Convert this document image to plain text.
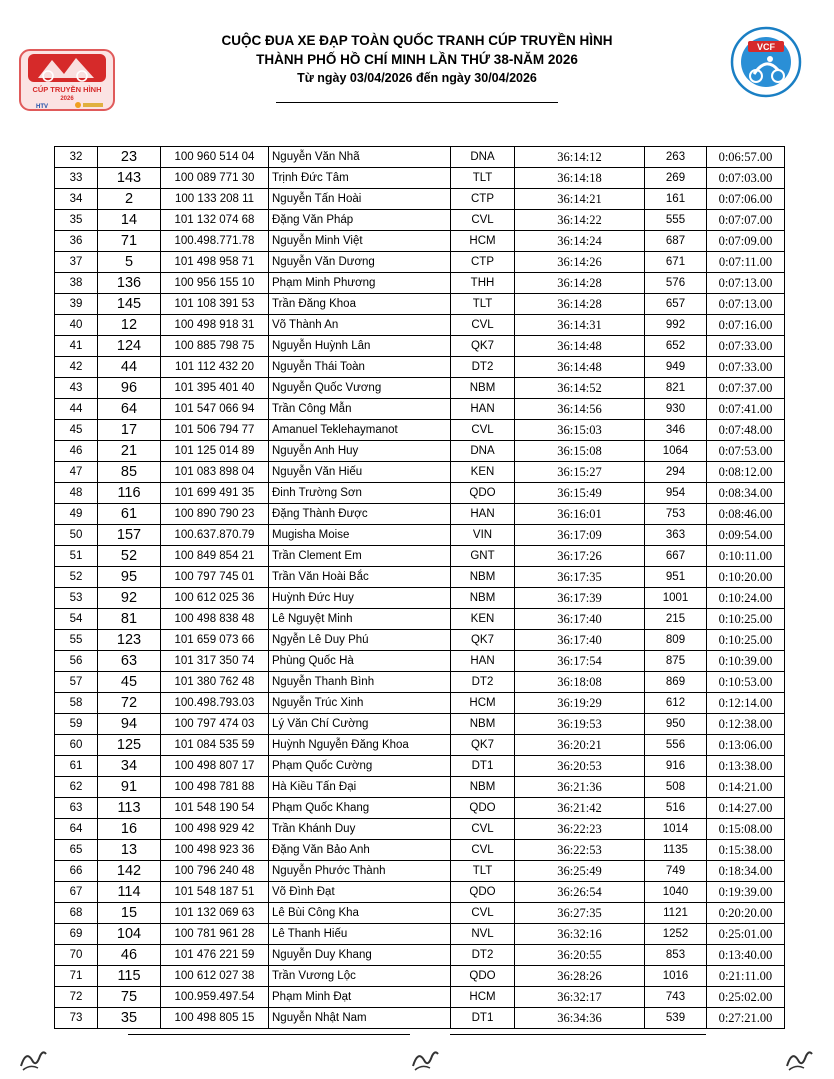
CÚP TRUYỀN HÌNH
2026
HTV
CUỘC ĐUA XE ĐẠP TOÀN QUỐC TRANH CÚP TRUYỀN HÌNH
THÀNH PHỐ HỒ CHÍ MINH LẦN THỨ 38-NĂM 2026
Từ ngày 03/04/2026 đến ngày 30/04/2026
VCF
32	23	100 960 514 04	Nguyễn Văn Nhã	DNA	36:14:12	263	0:06:57.00
33	143	100 089 771 30	Trịnh Đức Tâm	TLT	36:14:18	269	0:07:03.00
34	2	100 133 208 11	Nguyễn Tấn Hoài	CTP	36:14:21	161	0:07:06.00
35	14	101 132 074 68	Đặng Văn Pháp	CVL	36:14:22	555	0:07:07.00
36	71	100.498.771.78	Nguyễn Minh Việt	HCM	36:14:24	687	0:07:09.00
37	5	101 498 958 71	Nguyễn Văn Dương	CTP	36:14:26	671	0:07:11.00
38	136	100 956 155 10	Phạm Minh Phương	THH	36:14:28	576	0:07:13.00
39	145	101 108 391 53	Trần Đăng Khoa	TLT	36:14:28	657	0:07:13.00
40	12	100 498 918 31	Võ Thành An	CVL	36:14:31	992	0:07:16.00
41	124	100 885 798 75	Nguyễn Huỳnh Lân	QK7	36:14:48	652	0:07:33.00
42	44	101 112 432 20	Nguyễn Thái Toàn	DT2	36:14:48	949	0:07:33.00
43	96	101 395 401 40	Nguyễn Quốc Vương	NBM	36:14:52	821	0:07:37.00
44	64	101 547 066 94	Trần Công Mẫn	HAN	36:14:56	930	0:07:41.00
45	17	101 506 794 77	Amanuel Teklehaymanot	CVL	36:15:03	346	0:07:48.00
46	21	101 125 014 89	Nguyễn Anh Huy	DNA	36:15:08	1064	0:07:53.00
47	85	101 083 898 04	Nguyễn Văn Hiếu	KEN	36:15:27	294	0:08:12.00
48	116	101 699 491 35	Đinh Trường Sơn	QDO	36:15:49	954	0:08:34.00
49	61	100 890 790 23	Đặng Thành Được	HAN	36:16:01	753	0:08:46.00
50	157	100.637.870.79	Mugisha Moise	VIN	36:17:09	363	0:09:54.00
51	52	100 849 854 21	Trần Clement Em	GNT	36:17:26	667	0:10:11.00
52	95	100 797 745 01	Trần Văn Hoài Bắc	NBM	36:17:35	951	0:10:20.00
53	92	100 612 025 36	Huỳnh Đức Huy	NBM	36:17:39	1001	0:10:24.00
54	81	100 498 838 48	Lê Nguyệt Minh	KEN	36:17:40	215	0:10:25.00
55	123	101 659 073 66	Ngyễn Lê Duy Phú	QK7	36:17:40	809	0:10:25.00
56	63	101 317 350 74	Phùng Quốc Hà	HAN	36:17:54	875	0:10:39.00
57	45	101 380 762 48	Nguyễn Thanh Bình	DT2	36:18:08	869	0:10:53.00
58	72	100.498.793.03	Nguyễn Trúc Xinh	HCM	36:19:29	612	0:12:14.00
59	94	100 797 474 03	Lý Văn Chí Cường	NBM	36:19:53	950	0:12:38.00
60	125	101 084 535 59	Huỳnh Nguyễn Đăng Khoa	QK7	36:20:21	556	0:13:06.00
61	34	100 498 807 17	Phạm Quốc Cường	DT1	36:20:53	916	0:13:38.00
62	91	100 498 781 88	Hà Kiều Tấn Đại	NBM	36:21:36	508	0:14:21.00
63	113	101 548 190 54	Phạm Quốc Khang	QDO	36:21:42	516	0:14:27.00
64	16	100 498 929 42	Trần Khánh Duy	CVL	36:22:23	1014	0:15:08.00
65	13	100 498 923 36	Đặng Văn Bảo Anh	CVL	36:22:53	1135	0:15:38.00
66	142	100 796 240 48	Nguyễn Phước Thành	TLT	36:25:49	749	0:18:34.00
67	114	101 548 187 51	Võ Đình Đạt	QDO	36:26:54	1040	0:19:39.00
68	15	101 132 069 63	Lê Bùi Công Kha	CVL	36:27:35	1121	0:20:20.00
69	104	100 781 961 28	Lê Thanh Hiếu	NVL	36:32:16	1252	0:25:01.00
70	46	101 476 221 59	Nguyễn Duy Khang	DT2	36:20:55	853	0:13:40.00
71	115	100 612 027 38	Trần Vương Lộc	QDO	36:28:26	1016	0:21:11.00
72	75	100.959.497.54	Phạm Minh Đạt	HCM	36:32:17	743	0:25:02.00
73	35	100 498 805 15	Nguyễn Nhật Nam	DT1	36:34:36	539	0:27:21.00
